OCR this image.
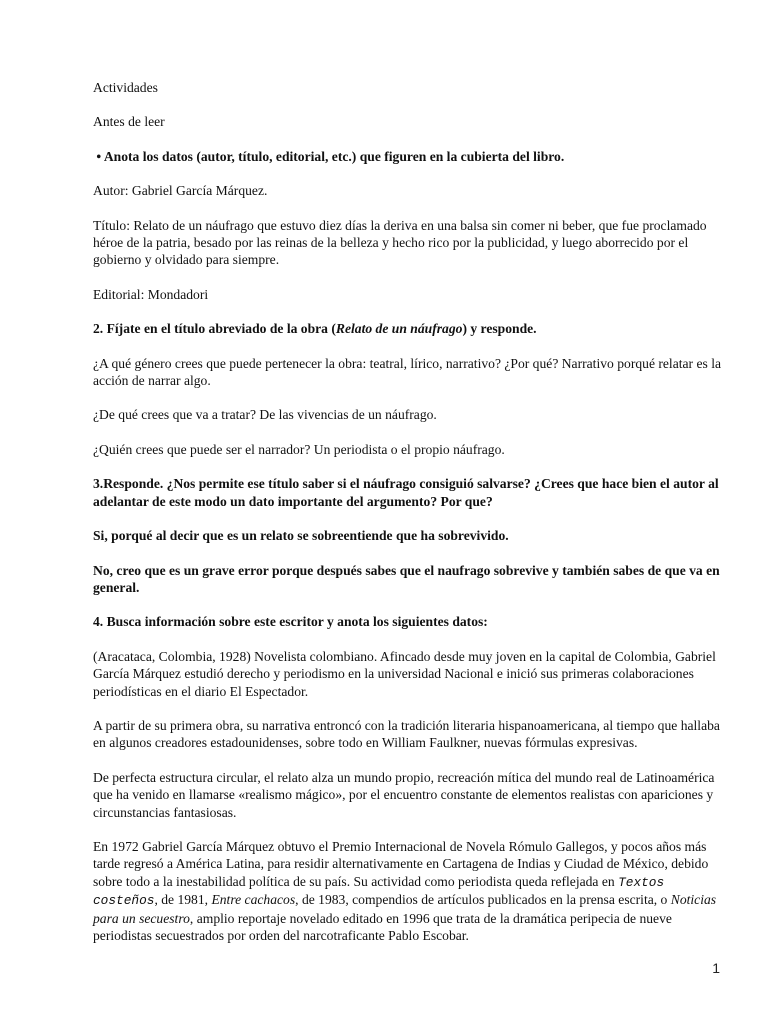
Actividades

Antes de leer

• Anota los datos (autor, título, editorial, etc.) que figuren en la cubierta del libro.

Autor: Gabriel García Márquez.

Título: Relato de un náufrago que estuvo diez días la deriva en una balsa sin comer ni beber, que fue proclamado héroe de la patria, besado por las reinas de la belleza y hecho rico por la publicidad, y luego aborrecido por el gobierno y olvidado para siempre.

Editorial: Mondadori

2. Fíjate en el título abreviado de la obra (Relato de un náufrago) y responde.

¿A qué género crees que puede pertenecer la obra: teatral, lírico, narrativo? ¿Por qué? Narrativo porqué relatar es la acción de narrar algo.

¿De qué crees que va a tratar? De las vivencias de un náufrago.

¿Quién crees que puede ser el narrador? Un periodista o el propio náufrago.

3.Responde. ¿Nos permite ese título saber si el náufrago consiguió salvarse? ¿Crees que hace bien el autor al adelantar de este modo un dato importante del argumento? Por que?

Si, porqué al decir que es un relato se sobreentiende que ha sobrevivido.

No, creo que es un grave error porque después sabes que el naufrago sobrevive y también sabes de que va en general.

4. Busca información sobre este escritor y anota los siguientes datos:

(Aracataca, Colombia, 1928) Novelista colombiano. Afincado desde muy joven en la capital de Colombia, Gabriel García Márquez estudió derecho y periodismo en la universidad Nacional e inició sus primeras colaboraciones periodísticas en el diario El Espectador.

A partir de su primera obra, su narrativa entroncó con la tradición literaria hispanoamericana, al tiempo que hallaba en algunos creadores estadounidenses, sobre todo en William Faulkner, nuevas fórmulas expresivas.

De perfecta estructura circular, el relato alza un mundo propio, recreación mítica del mundo real de Latinoamérica que ha venido en llamarse «realismo mágico», por el encuentro constante de elementos realistas con apariciones y circunstancias fantasiosas.

En 1972 Gabriel García Márquez obtuvo el Premio Internacional de Novela Rómulo Gallegos, y pocos años más tarde regresó a América Latina, para residir alternativamente en Cartagena de Indias y Ciudad de México, debido sobre todo a la inestabilidad política de su país. Su actividad como periodista queda reflejada en Textos costeños, de 1981, Entre cachacos, de 1983, compendios de artículos publicados en la prensa escrita, o Noticias para un secuestro, amplio reportaje novelado editado en 1996 que trata de la dramática peripecia de nueve periodistas secuestrados por orden del narcotraficante Pablo Escobar.

1
